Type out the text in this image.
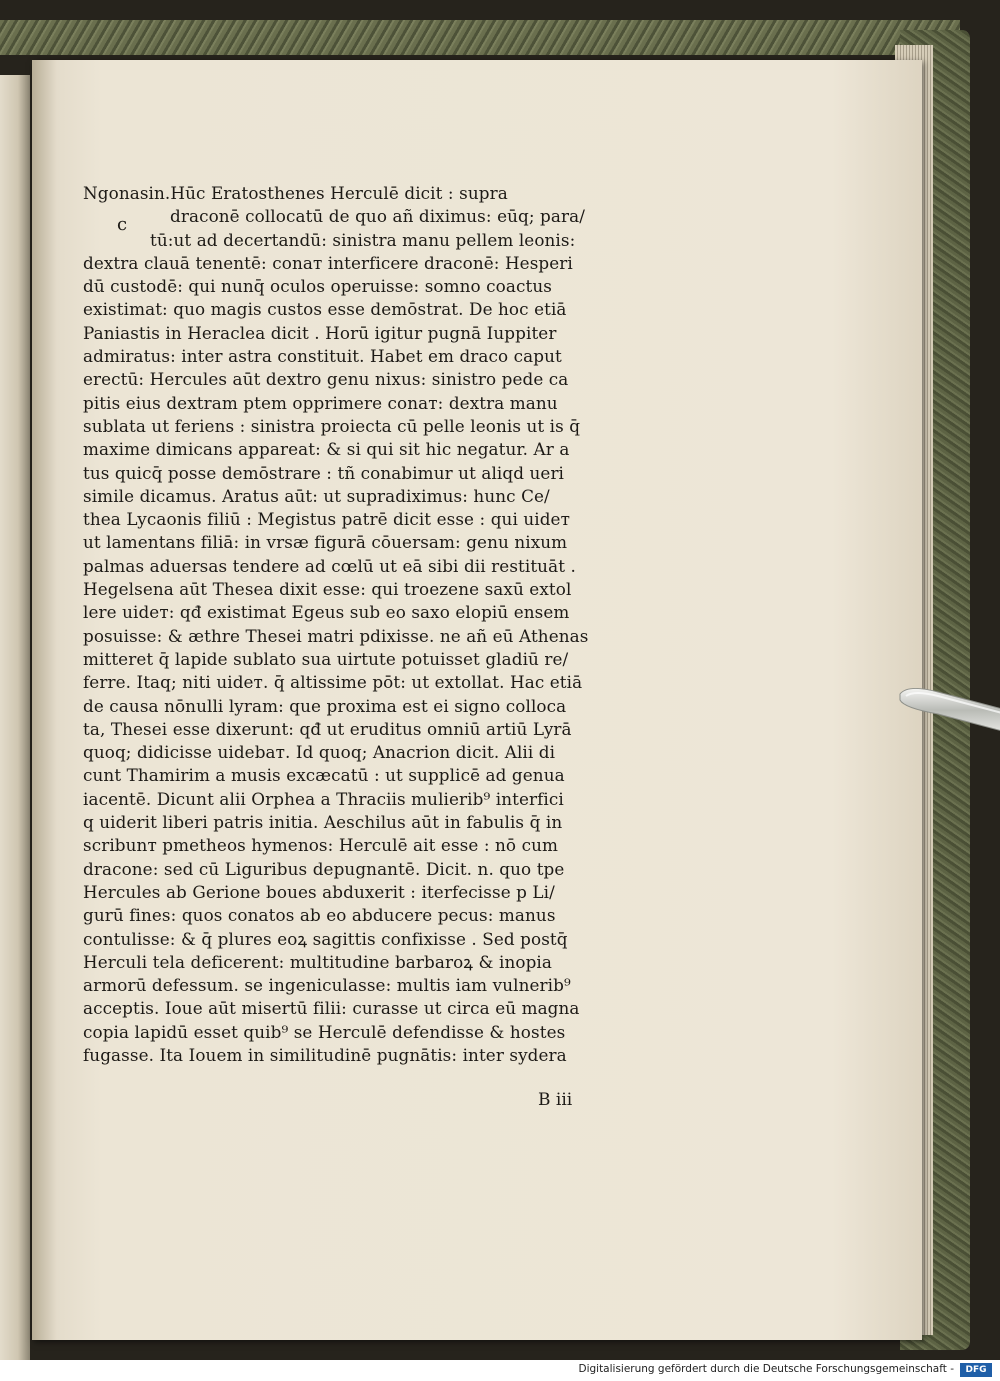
c
Ngonasin.Hūc Eratosthenes Herculē dicit : supra
draconē collocatū de quo añ diximus: eūq; para/
tū:ut ad decertandū: sinistra manu pellem leonis:
dextra clauā tenentē: conaт interficere draconē: Hesperi
dū custodē: qui nunq̄ oculos operuisse: somno coactus
existimat: quo magis custos esse demōstrat. De hoc etiā
Paniastis in Heraclea dicit . Horū igitur pugnā Iuppiter
admiratus: inter astra constituit. Habet em draco caput
erectū: Hercules aūt dextro genu nixus: sinistro pede ca
pitis eius dextram ptem opprimere conaт: dextra manu
sublata ut feriens : sinistra proiecta cū pelle leonis ut is q̄
maxime dimicans appareat: & si qui sit hic negatur. Ar a
tus quicq̄ posse demōstrare : tñ conabimur ut aliqd ueri
simile dicamus. Aratus aūt: ut supradiximus: hunc Ce/
thea Lycaonis filiū : Megistus patrē dicit esse : qui uideт
ut lamentans filiā: in vrsæ figurā cōuersam: genu nixum
palmas aduersas tendere ad cœlū ut eā sibi dii restituāt .
Hegelsena aūt Thesea dixit esse: qui troezene saxū extol
lere uideт: qđ existimat Egeus sub eo saxo elopiū ensem
posuisse: & æthre Thesei matri pdixisse. ne añ eū Athenas
mitteret q̄ lapide sublato sua uirtute potuisset gladiū re/
ferre. Itaq; niti uideт. q̄ altissime pōt: ut extollat. Hac etiā
de causa nōnulli lyram: que proxima est ei signo colloca
ta, Thesei esse dixerunt: qđ ut eruditus omniū artiū Lyrā
quoq; didicisse uidebaт. Id quoq; Anacrion dicit. Alii di
cunt Thamirim a musis excæcatū : ut supplicē ad genua
iacentē. Dicunt alii Orphea a Thraciis mulierib⁹ interfici
q uiderit liberi patris initia. Aeschilus aūt in fabulis q̄ in
scribunт pmetheos hymenos: Herculē ait esse : nō cum
dracone: sed cū Liguribus depugnantē. Dicit. n. quo tpe
Hercules ab Gerione boues abduxerit : iterfecisse p Li/
gurū fines: quos conatos ab eo abducere pecus: manus
contulisse: & q̄ plures eoꝝ sagittis confixisse . Sed postq̄
Herculi tela deficerent: multitudine barbaroꝝ & inopia
armorū defessum. se ingeniculasse: multis iam vulnerib⁹
acceptis. Ioue aūt misertū filii: curasse ut circa eū magna
copia lapidū esset quib⁹ se Herculē defendisse & hostes
fugasse. Ita Iouem in similitudinē pugnātis: inter sydera
B iii
Digitalisierung gefördert durch die Deutsche Forschungsgemeinschaft -	DFG
